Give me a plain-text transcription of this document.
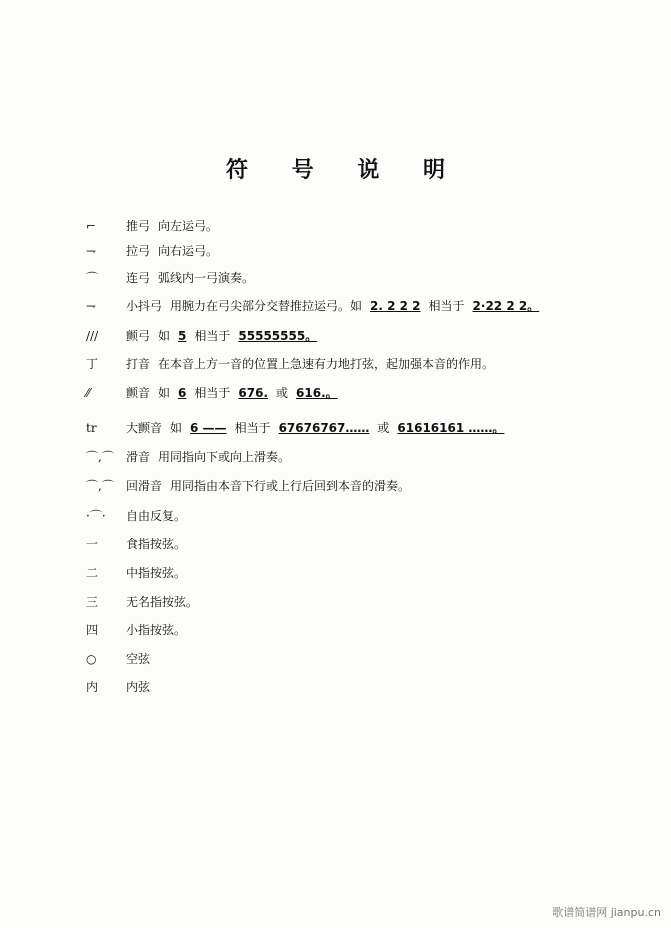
符 号 说 明
⌐	推弓 向左运弓。
⇁	拉弓 向右运弓。
⌒	连弓 弧线内一弓演奏。
⇁	小抖弓 用腕力在弓尖部分交替推拉运弓。如 2. 2 2 2 相当于 2·22 2 2。
///	颤弓 如 5 相当于 55555555。
丁	打音 在本音上方一音的位置上急速有力地打弦，起加强本音的作用。
⁄⁄	颤音 如 6 相当于 676. 或 616.。
tr	大颤音 如 6 —— 相当于 67676767…… 或 61616161 ……。
⌒,⌒	滑音 用同指向下或向上滑奏。
⌒,⌒	回滑音 用同指由本音下行或上行后回到本音的滑奏。
·⌒·	自由反复。
一	食指按弦。
二	中指按弦。
三	无名指按弦。
四	小指按弦。
○	空弦
内	内弦
歌谱简谱网 jianpu.cn
